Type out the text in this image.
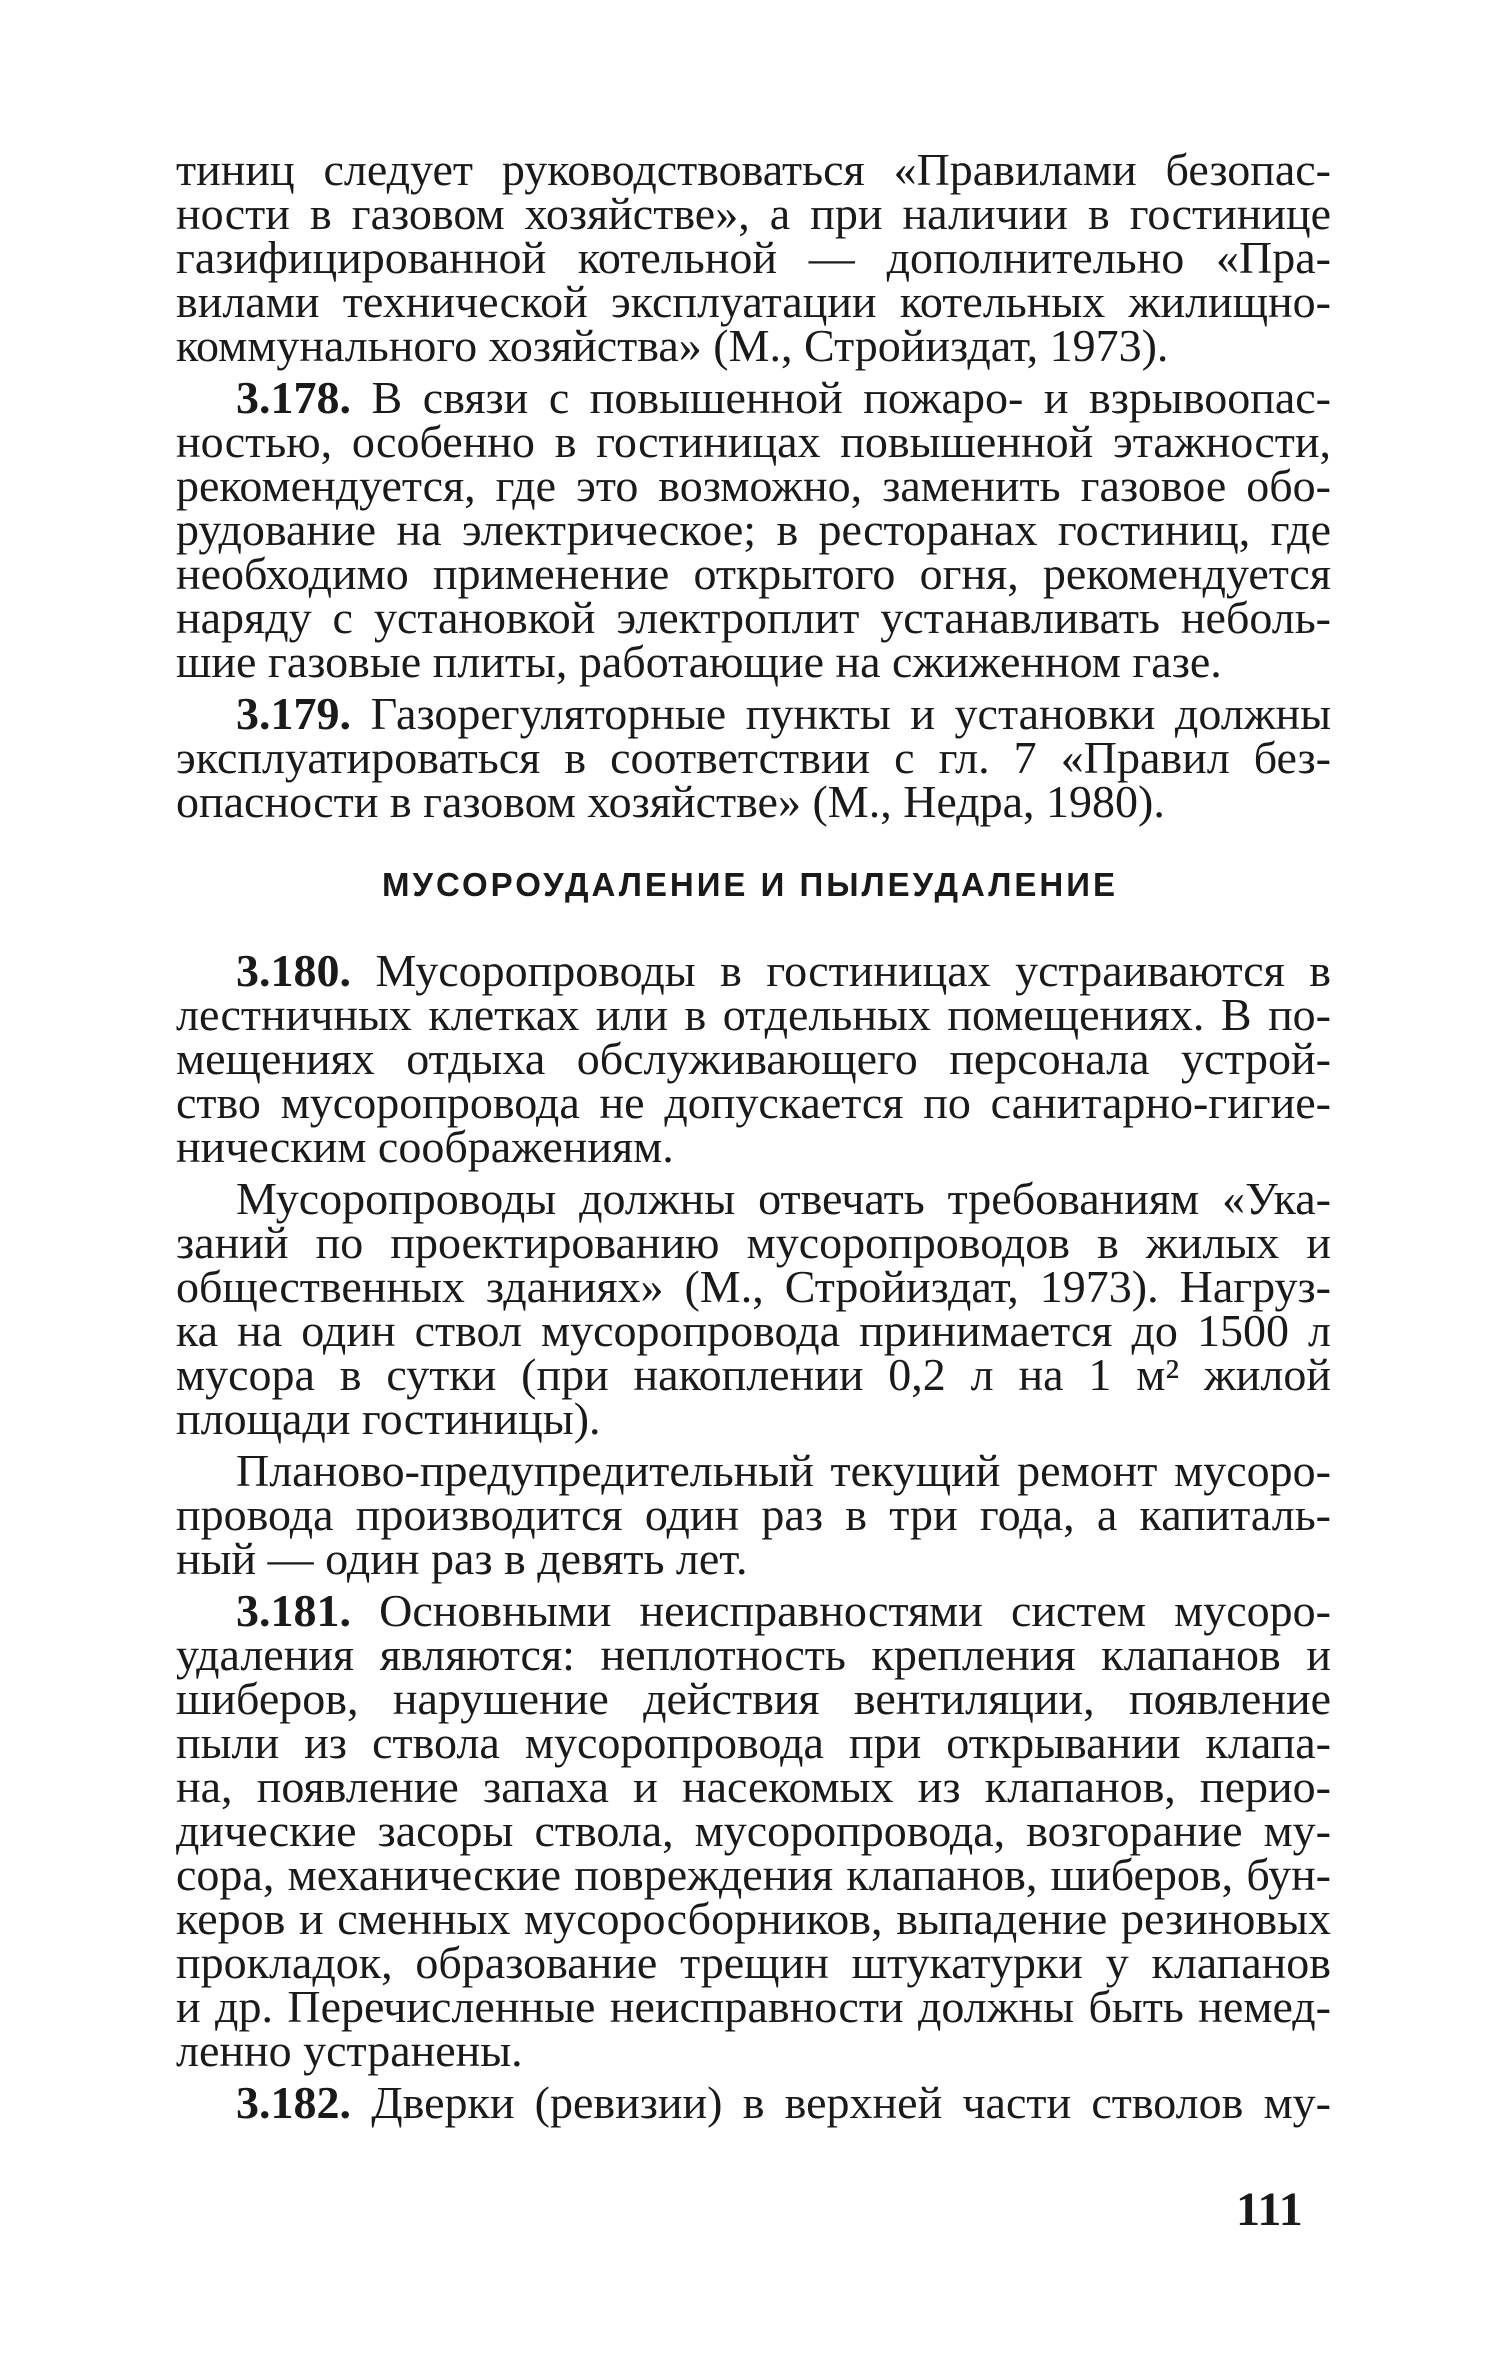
тиниц следует руководствоваться «Правилами безопас-
ности в газовом хозяйстве», а при наличии в гостинице
газифицированной котельной — дополнительно «Пра-
вилами технической эксплуатации котельных жилищно-
коммунального хозяйства» (М., Стройиздат, 1973).
3.178. В связи с повышенной пожаро- и взрывоопас-
ностью, особенно в гостиницах повышенной этажности,
рекомендуется, где это возможно, заменить газовое обо-
рудование на электрическое; в ресторанах гостиниц, где
необходимо применение открытого огня, рекомендуется
наряду с установкой электроплит устанавливать неболь-
шие газовые плиты, работающие на сжиженном газе.
3.179. Газорегуляторные пункты и установки должны
эксплуатироваться в соответствии с гл. 7 «Правил без-
опасности в газовом хозяйстве» (М., Недра, 1980).
МУСОРОУДАЛЕНИЕ И ПЫЛЕУДАЛЕНИЕ
3.180. Мусоропроводы в гостиницах устраиваются в
лестничных клетках или в отдельных помещениях. В по-
мещениях отдыха обслуживающего персонала устрой-
ство мусоропровода не допускается по санитарно-гигие-
ническим соображениям.
Мусоропроводы должны отвечать требованиям «Ука-
заний по проектированию мусоропроводов в жилых и
общественных зданиях» (М., Стройиздат, 1973). Нагруз-
ка на один ствол мусоропровода принимается до 1500 л
мусора в сутки (при накоплении 0,2 л на 1 м² жилой
площади гостиницы).
Планово-предупредительный текущий ремонт мусоро-
провода производится один раз в три года, а капиталь-
ный — один раз в девять лет.
3.181. Основными неисправностями систем мусоро-
удаления являются: неплотность крепления клапанов и
шиберов, нарушение действия вентиляции, появление
пыли из ствола мусоропровода при открывании клапа-
на, появление запаха и насекомых из клапанов, перио-
дические засоры ствола, мусоропровода, возгорание му-
сора, механические повреждения клапанов, шиберов, бун-
керов и сменных мусоросборников, выпадение резиновых
прокладок, образование трещин штукатурки у клапанов
и др. Перечисленные неисправности должны быть немед-
ленно устранены.
3.182. Дверки (ревизии) в верхней части стволов му-
111
